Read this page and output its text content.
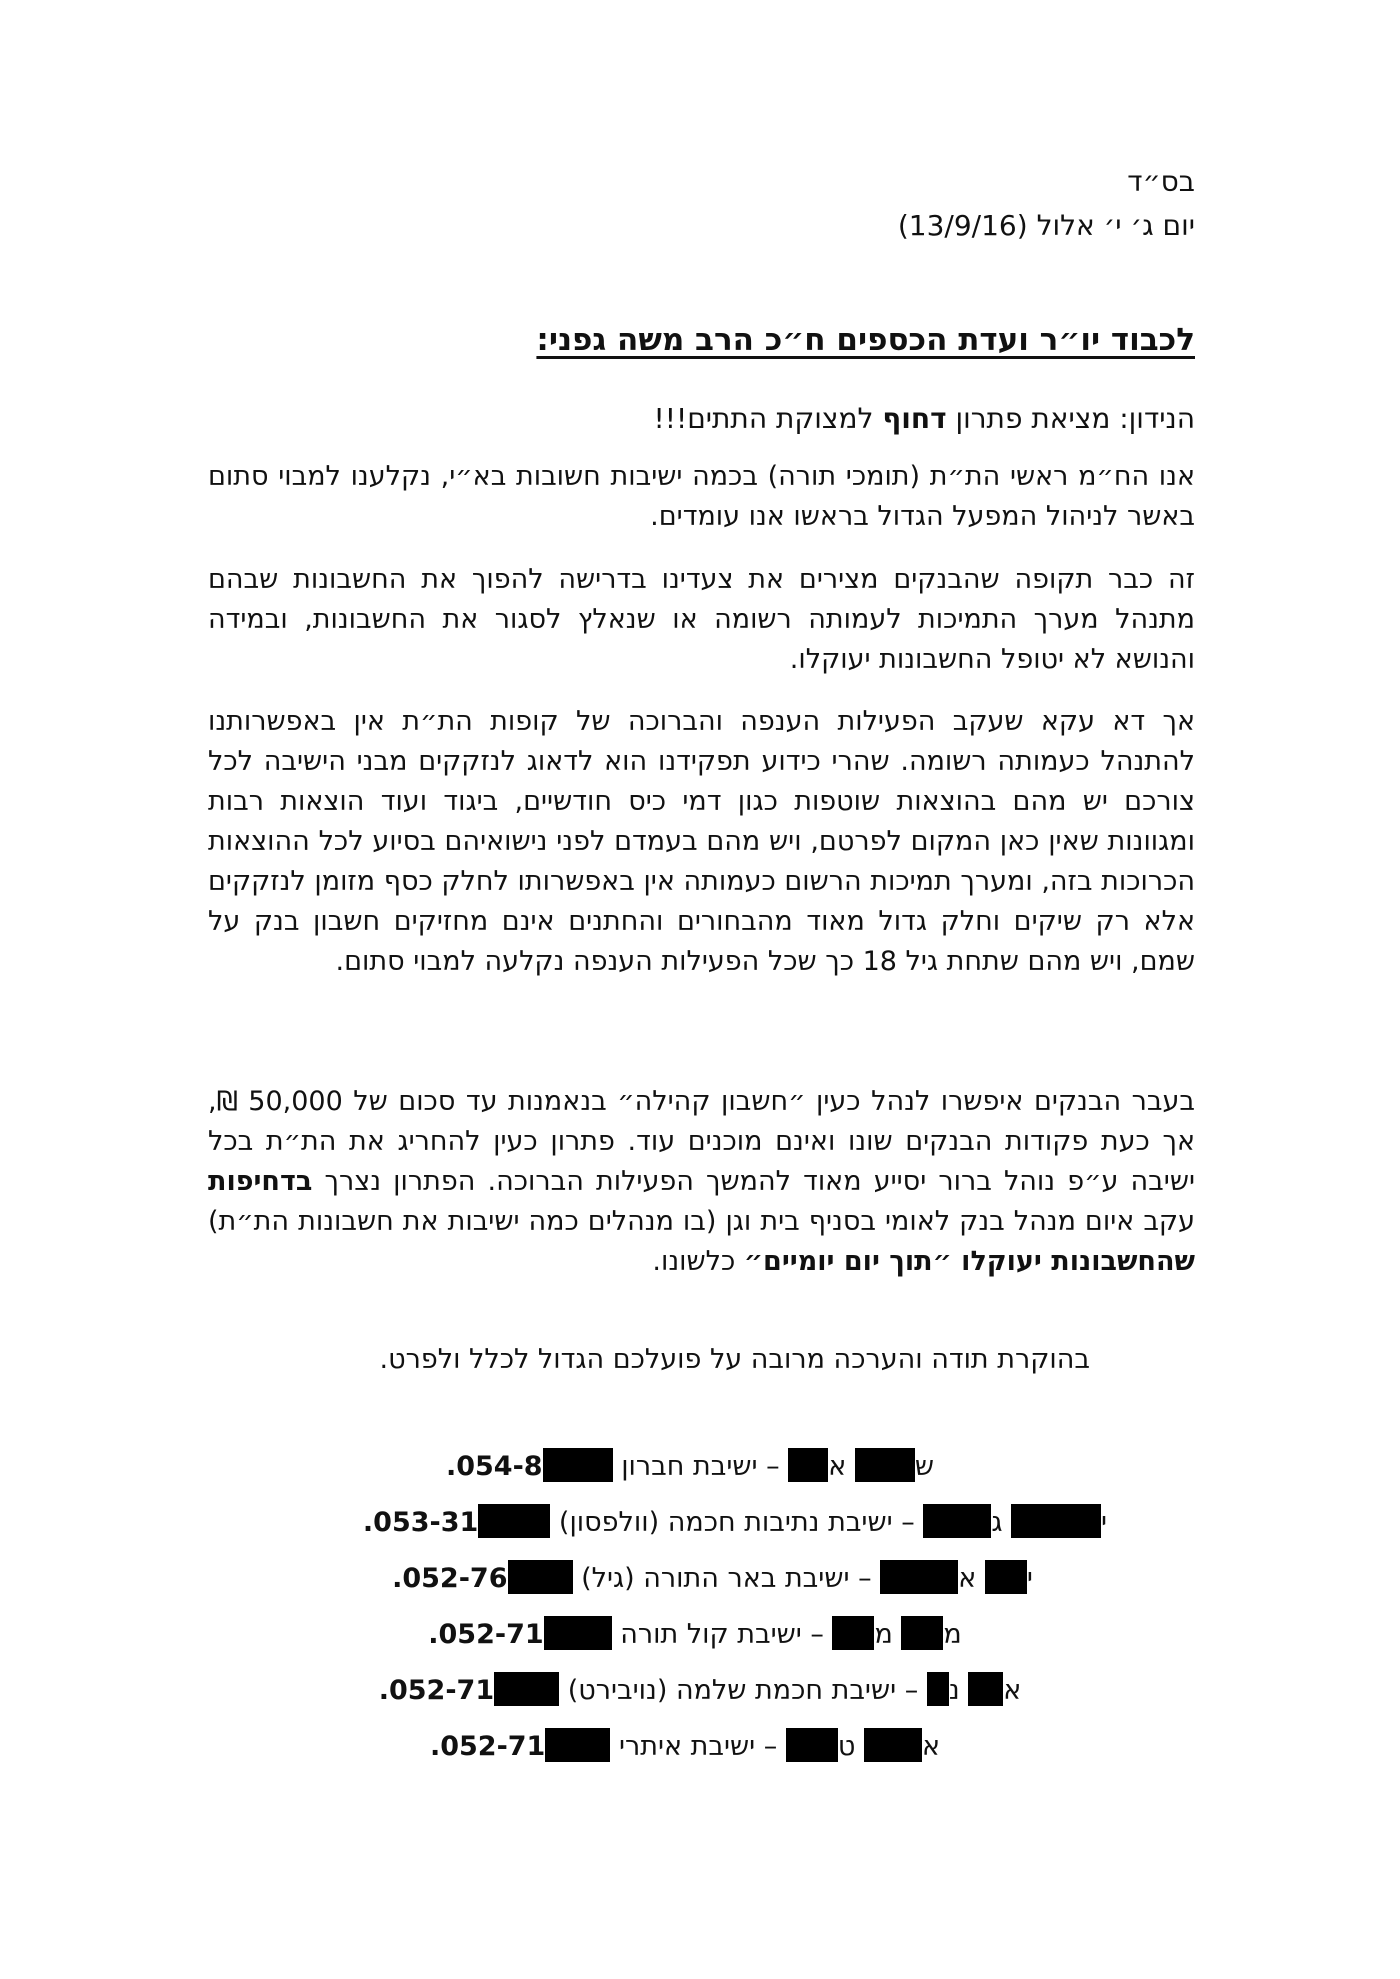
בס״ד
יום ג׳ י׳ אלול (13/9/16)
לכבוד יו״ר ועדת הכספים ח״כ הרב משה גפני:
הנידון: מציאת פתרון דחוף למצוקת התתים!!!
אנו הח״מ ראשי הת״ת (תומכי תורה) בכמה ישיבות חשובות בא״י, נקלענו למבוי סתום באשר לניהול המפעל הגדול בראשו אנו עומדים.
זה כבר תקופה שהבנקים מצירים את צעדינו בדרישה להפוך את החשבונות שבהם מתנהל מערך התמיכות לעמותה רשומה או שנאלץ לסגור את החשבונות, ובמידה והנושא לא יטופל החשבונות יעוקלו.
אך דא עקא שעקב הפעילות הענפה והברוכה של קופות הת״ת אין באפשרותנו להתנהל כעמותה רשומה. שהרי כידוע תפקידנו הוא לדאוג לנזקקים מבני הישיבה לכל צורכם יש מהם בהוצאות שוטפות כגון דמי כיס חודשיים, ביגוד ועוד הוצאות רבות ומגוונות שאין כאן המקום לפרטם, ויש מהם בעמדם לפני נישואיהם בסיוע לכל ההוצאות הכרוכות בזה, ומערך תמיכות הרשום כעמותה אין באפשרותו לחלק כסף מזומן לנזקקים אלא רק שיקים וחלק גדול מאוד מהבחורים והחתנים אינם מחזיקים חשבון בנק על שמם, ויש מהם שתחת גיל 18 כך שכל הפעילות הענפה נקלעה למבוי סתום.
בעבר הבנקים איפשרו לנהל כעין ״חשבון קהילה״ בנאמנות עד סכום של 50,000 ₪, אך כעת פקודות הבנקים שונו ואינם מוכנים עוד. פתרון כעין להחריג את הת״ת בכל ישיבה ע״פ נוהל ברור יסייע מאוד להמשך הפעילות הברוכה. הפתרון נצרך בדחיפות עקב איום מנהל בנק לאומי בסניף בית וגן (בו מנהלים כמה ישיבות את חשבונות הת״ת) שהחשבונות יעוקלו ״תוך יום יומיים״ כלשונו.
בהוקרת תודה והערכה מרובה על פועלכם הגדול לכלל ולפרט.
ש א – ישיבת חברון 054-8.
י ג – ישיבת נתיבות חכמה (וולפסון) 053-31.
י א – ישיבת באר התורה (גיל) 052-76.
מ מ – ישיבת קול תורה 052-71.
א נ – ישיבת חכמת שלמה (נויבירט) 052-71.
א ט – ישיבת איתרי 052-71.
